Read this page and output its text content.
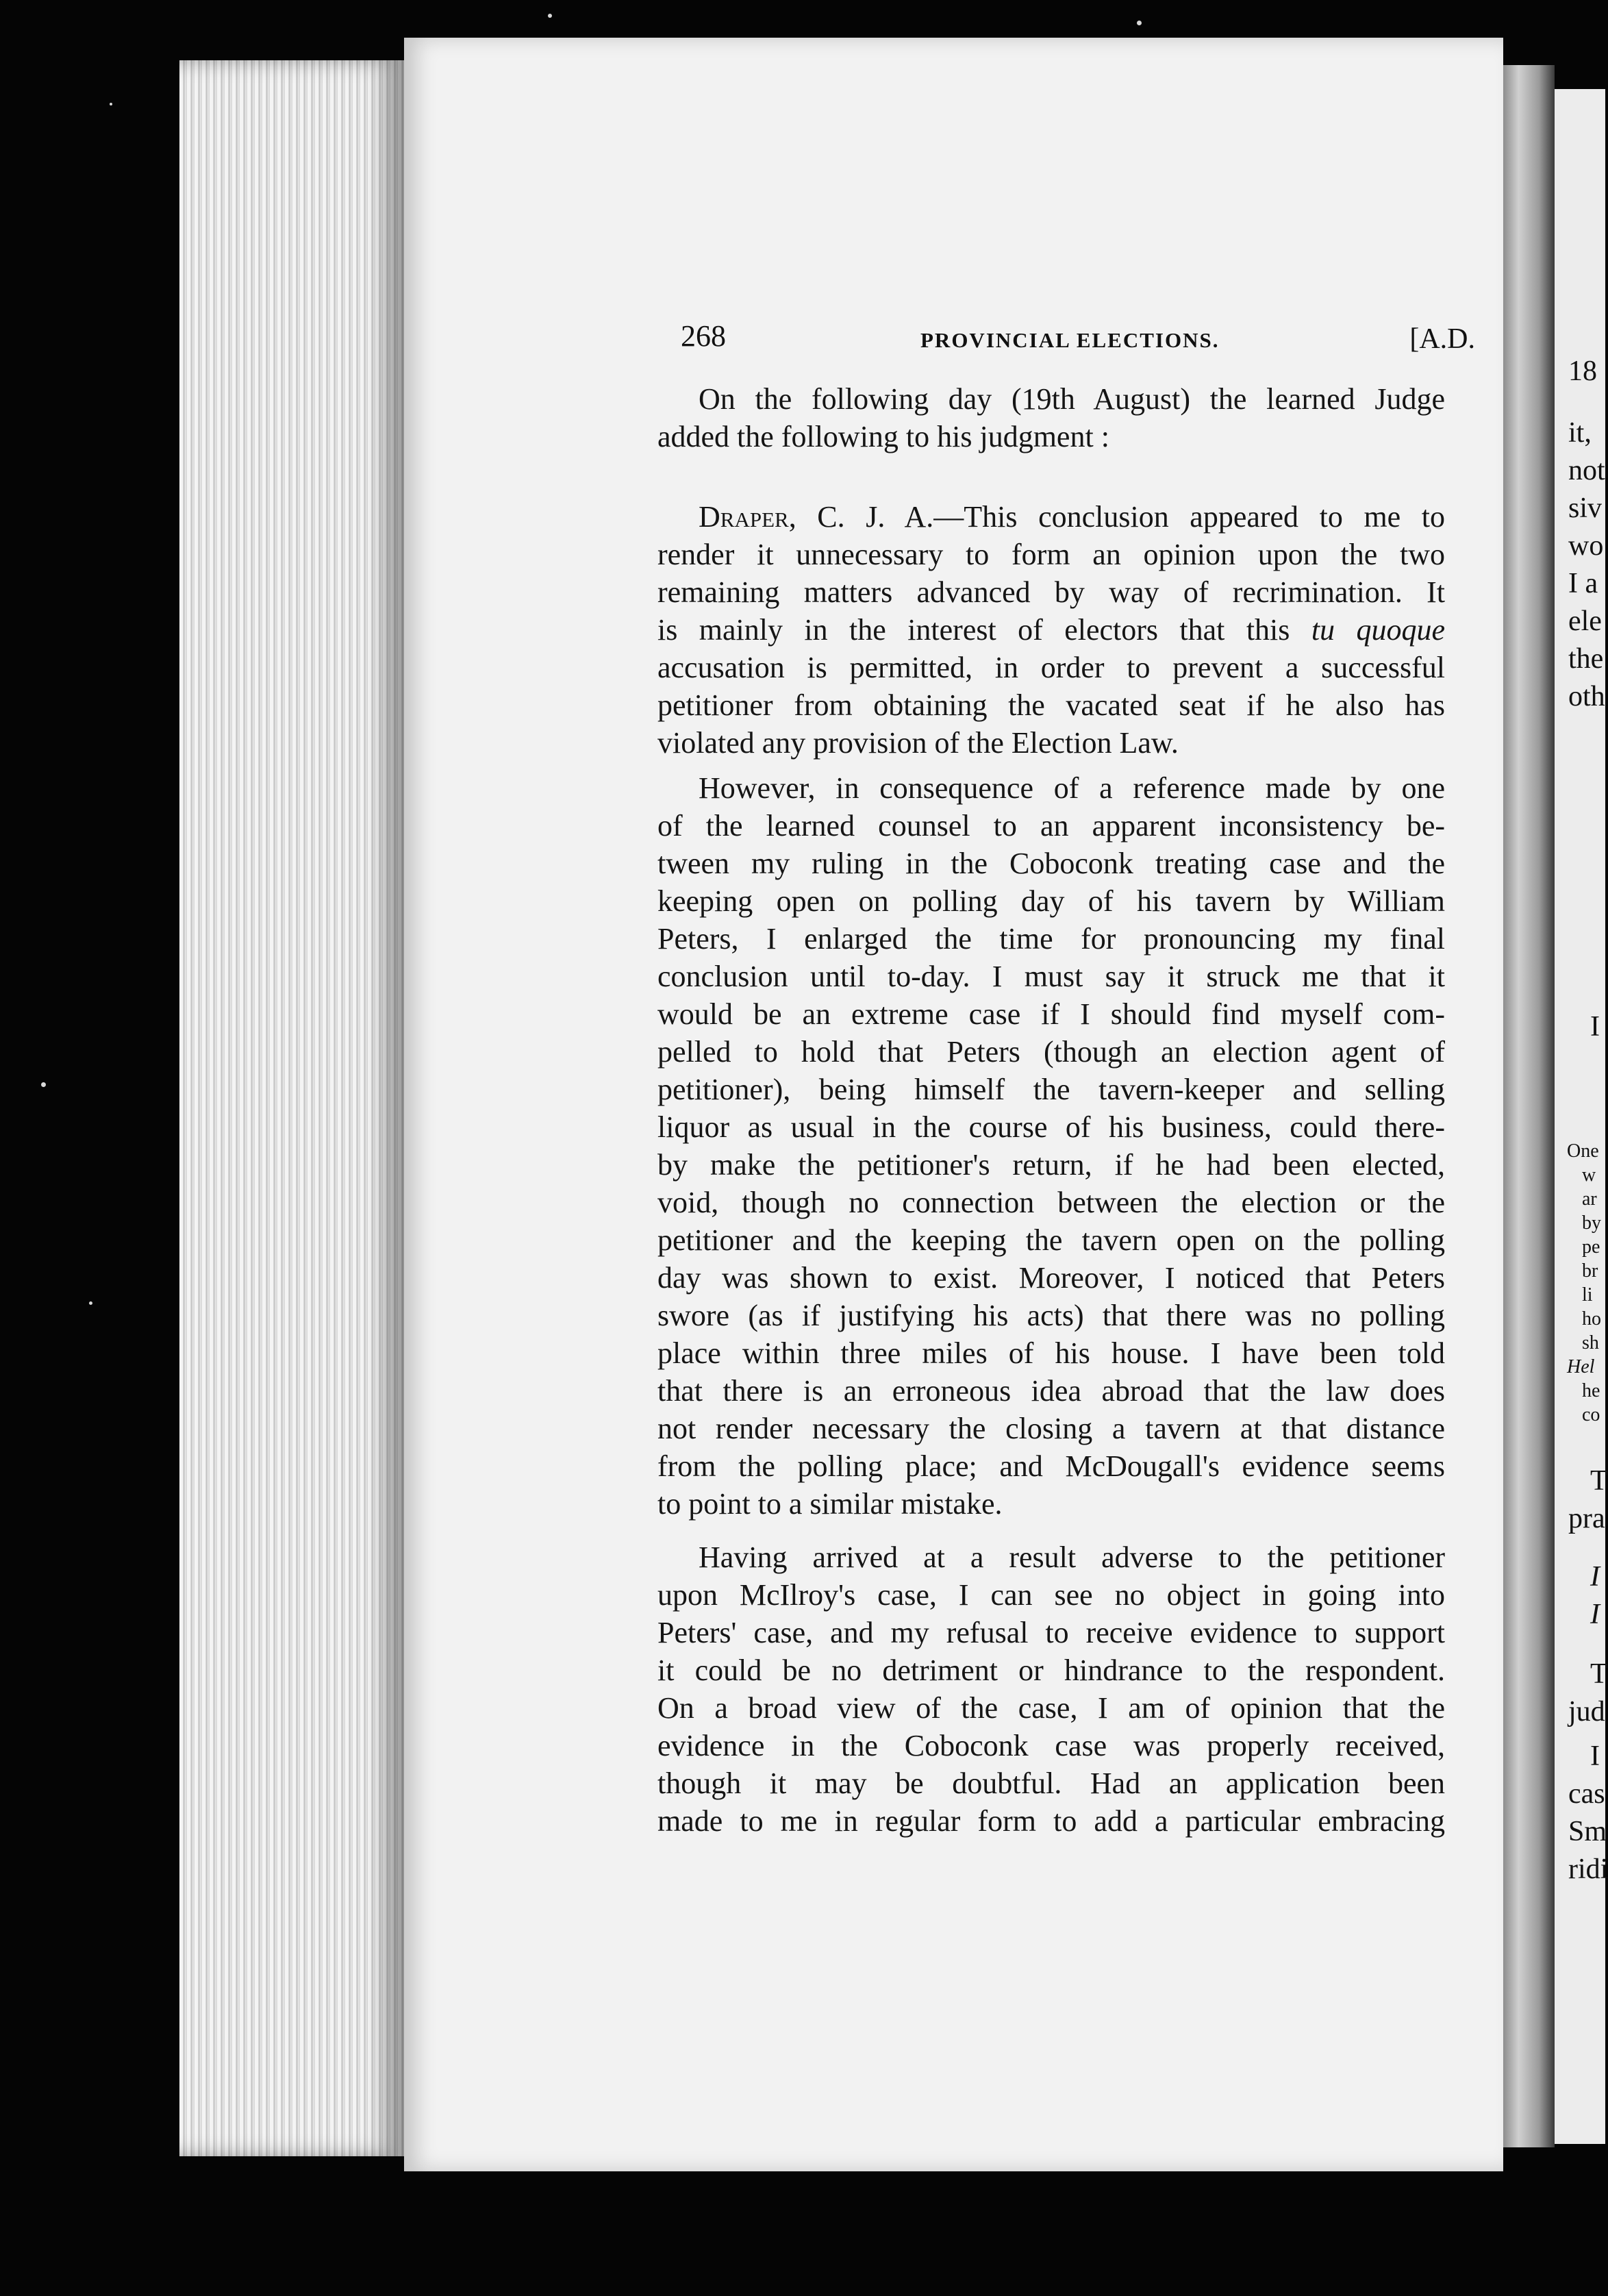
268	PROVINCIAL ELECTIONS.	[A.D.
On the following day (19th August) the learned Judge
added the following to his judgment :
Draper, C. J. A.—This conclusion appeared to me to
render it unnecessary to form an opinion upon the two
remaining matters advanced by way of recrimination. It
is mainly in the interest of electors that this tu quoque
accusation is permitted, in order to prevent a successful
petitioner from obtaining the vacated seat if he also has
violated any provision of the Election Law.
However, in consequence of a reference made by one
of the learned counsel to an apparent inconsistency be-
tween my ruling in the Coboconk treating case and the
keeping open on polling day of his tavern by William
Peters, I enlarged the time for pronouncing my final
conclusion until to-day. I must say it struck me that it
would be an extreme case if I should find myself com-
pelled to hold that Peters (though an election agent of
petitioner), being himself the tavern-keeper and selling
liquor as usual in the course of his business, could there-
by make the petitioner's return, if he had been elected,
void, though no connection between the election or the
petitioner and the keeping the tavern open on the polling
day was shown to exist. Moreover, I noticed that Peters
swore (as if justifying his acts) that there was no polling
place within three miles of his house. I have been told
that there is an erroneous idea abroad that the law does
not render necessary the closing a tavern at that distance
from the polling place; and McDougall's evidence seems
to point to a similar mistake.
Having arrived at a result adverse to the petitioner
upon McIlroy's case, I can see no object in going into
Peters' case, and my refusal to receive evidence to support
it could be no detriment or hindrance to the respondent.
On a broad view of the case, I am of opinion that the
evidence in the Coboconk case was properly received,
though it may be doubtful. Had an application been
made to me in regular form to add a particular embracing
18
it,
not
siv
wo
I a
ele
the
oth
I
One
w
ar
by
pe
br
li
ho
sh
Hel
he
co
T
pra
I
I
T
jud
I
cas
Sm
ridi
